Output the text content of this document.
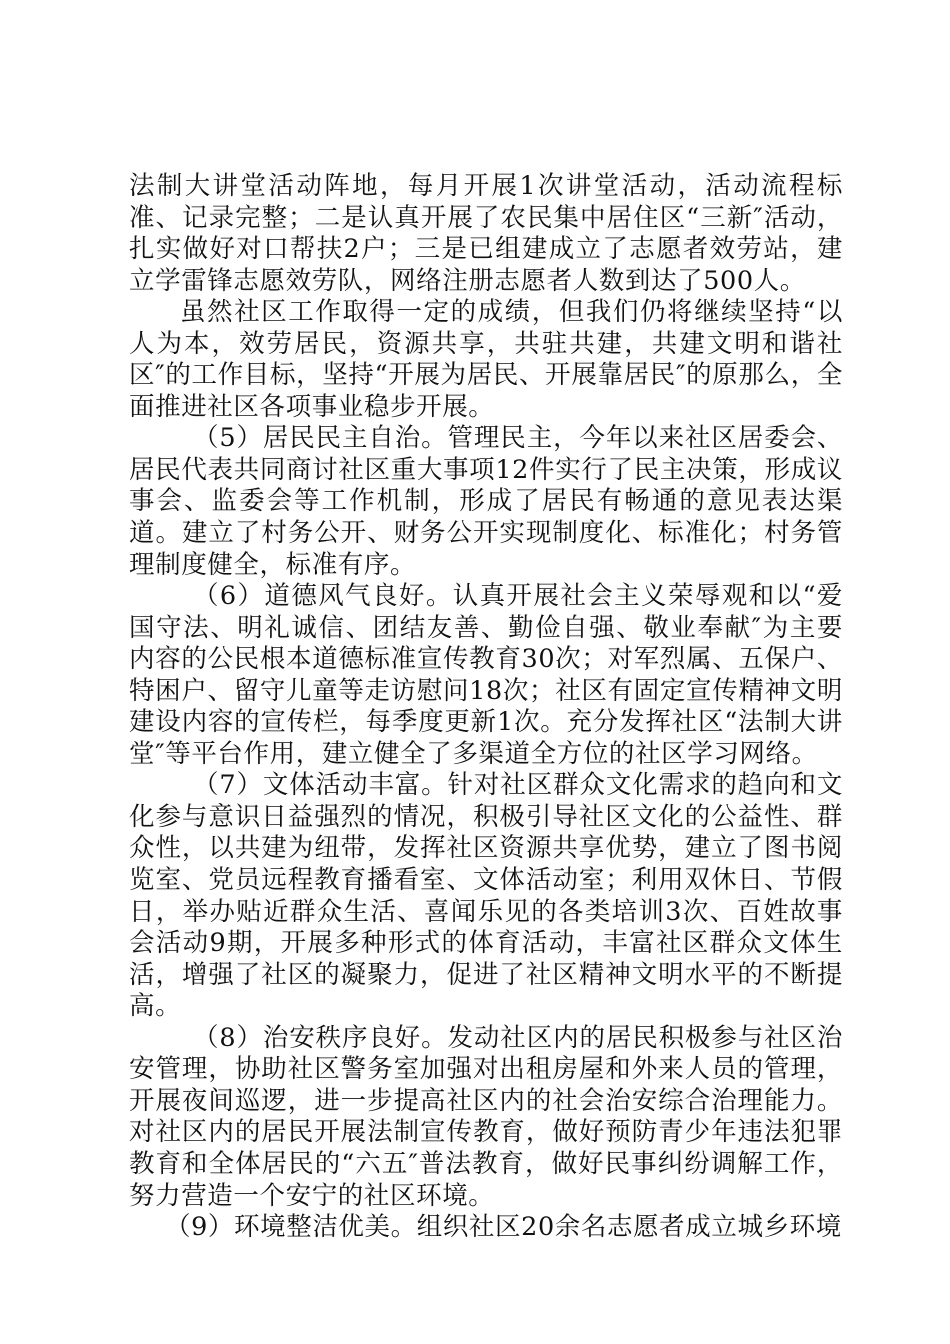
法制大讲堂活动阵地，每月开展1次讲堂活动，活动流程标准、记录完整；二是认真开展了农民集中居住区“三新″活动，扎实做好对口帮扶2户；三是已组建成立了志愿者效劳站，建立学雷锋志愿效劳队，网络注册志愿者人数到达了500人。

虽然社区工作取得一定的成绩，但我们仍将继续坚持“以人为本，效劳居民，资源共享，共驻共建，共建文明和谐社区″的工作目标，坚持“开展为居民、开展靠居民″的原那么，全面推进社区各项事业稳步开展。

（5）居民民主自治。管理民主，今年以来社区居委会、居民代表共同商讨社区重大事项12件实行了民主决策，形成议事会、监委会等工作机制，形成了居民有畅通的意见表达渠道。建立了村务公开、财务公开实现制度化、标准化；村务管理制度健全，标准有序。

（6）道德风气良好。认真开展社会主义荣辱观和以“爱国守法、明礼诚信、团结友善、勤俭自强、敬业奉献″为主要内容的公民根本道德标准宣传教育30次；对军烈属、五保户、特困户、留守儿童等走访慰问18次；社区有固定宣传精神文明建设内容的宣传栏，每季度更新1次。充分发挥社区“法制大讲堂″等平台作用，建立健全了多渠道全方位的社区学习网络。

（7）文体活动丰富。针对社区群众文化需求的趋向和文化参与意识日益强烈的情况，积极引导社区文化的公益性、群众性，以共建为纽带，发挥社区资源共享优势，建立了图书阅览室、党员远程教育播看室、文体活动室；利用双休日、节假日，举办贴近群众生活、喜闻乐见的各类培训3次、百姓故事会活动9期，开展多种形式的体育活动，丰富社区群众文体生活，增强了社区的凝聚力，促进了社区精神文明水平的不断提高。

（8）治安秩序良好。发动社区内的居民积极参与社区治安管理，协助社区警务室加强对出租房屋和外来人员的管理，开展夜间巡逻，进一步提高社区内的社会治安综合治理能力。对社区内的居民开展法制宣传教育，做好预防青少年违法犯罪教育和全体居民的“六五″普法教育，做好民事纠纷调解工作，努力营造一个安宁的社区环境。

（9）环境整洁优美。组织社区20余名志愿者成立城乡环境
